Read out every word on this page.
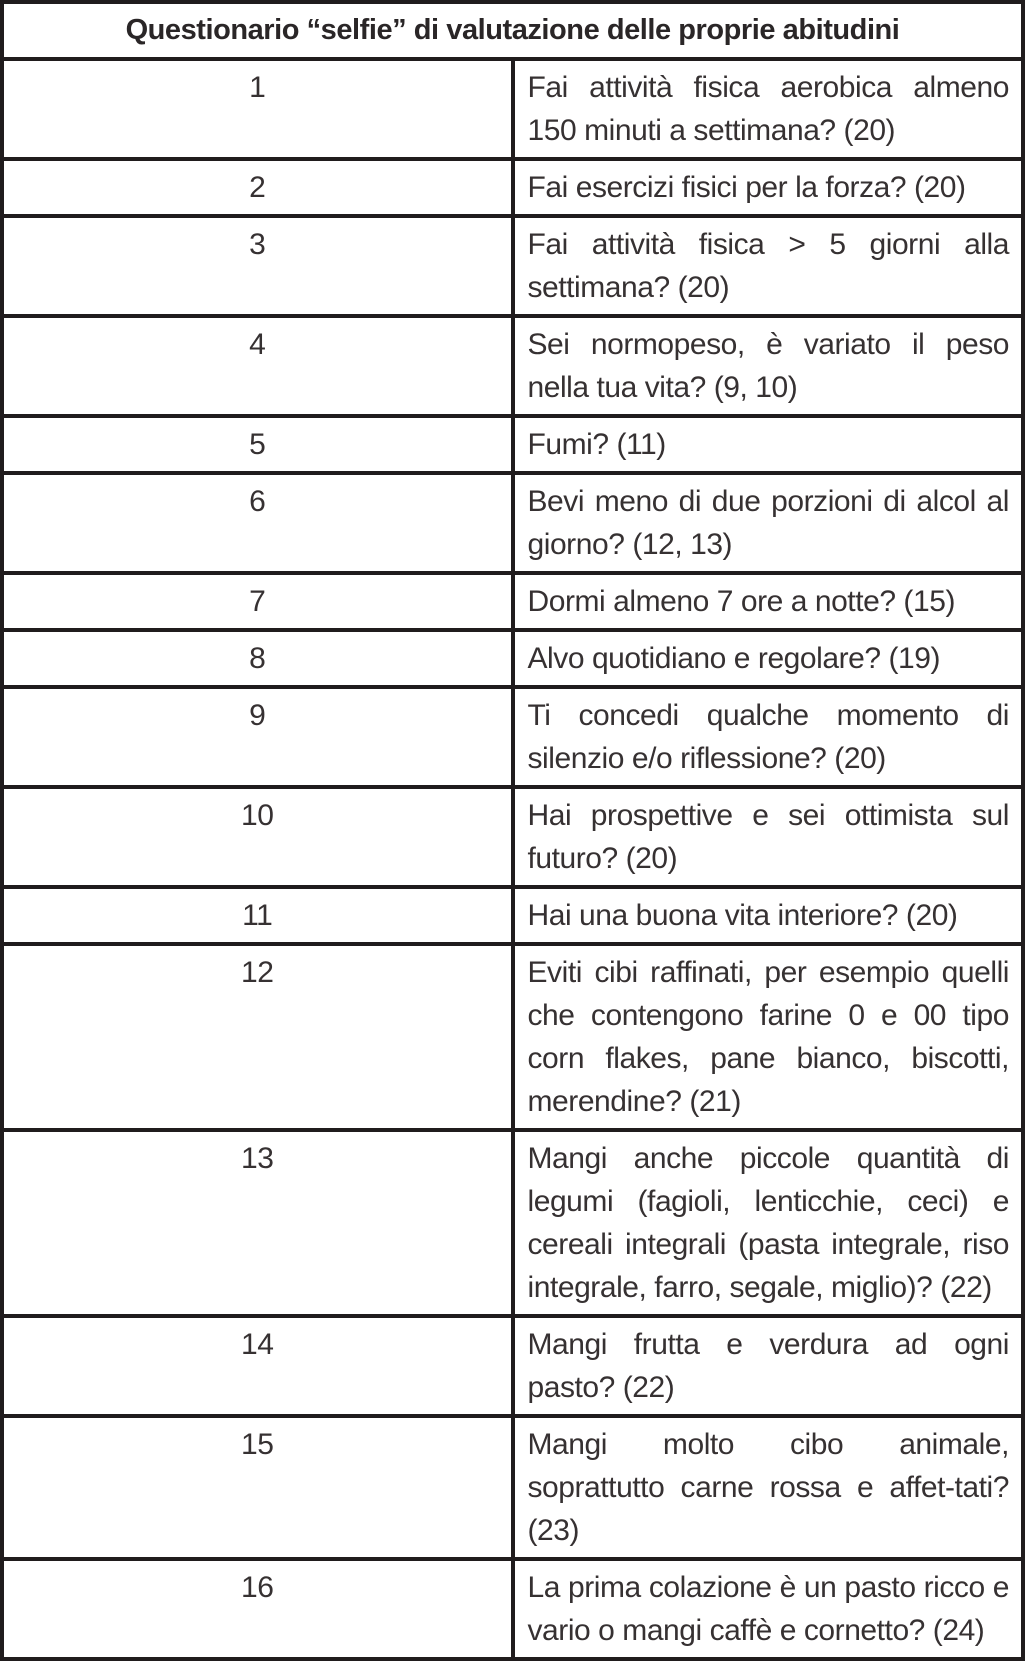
Questionario “selfie” di valutazione delle proprie abitudini	
1	Fai attività fisica aerobica almeno 150 minuti a settimana? (20)
2	Fai esercizi fisici per la forza? (20)
3	Fai attività fisica > 5 giorni alla settimana? (20)
4	Sei normopeso, è variato il peso nella tua vita? (9, 10)
5	Fumi? (11)
6	Bevi meno di due porzioni di alcol al giorno? (12, 13)
7	Dormi almeno 7 ore a notte? (15)
8	Alvo quotidiano e regolare? (19)
9	Ti concedi qualche momento di silenzio e/o riflessione? (20)
10	Hai prospettive e sei ottimista sul futuro? (20)
11	Hai una buona vita interiore? (20)
12	Eviti cibi raffinati, per esempio quelli che contengono farine 0 e 00 tipo corn flakes, pane bianco, biscotti, merendine? (21)
13	Mangi anche piccole quantità di legumi (fagioli, lenticchie, ceci) e cereali integrali (pasta integrale, riso integrale, farro, segale, miglio)? (22)
14	Mangi frutta e verdura ad ogni pasto? (22)
15	Mangi molto cibo animale, soprattutto carne rossa e affet-tati? (23)
16	La prima colazione è un pasto ricco e vario o mangi caffè e cornetto? (24)
